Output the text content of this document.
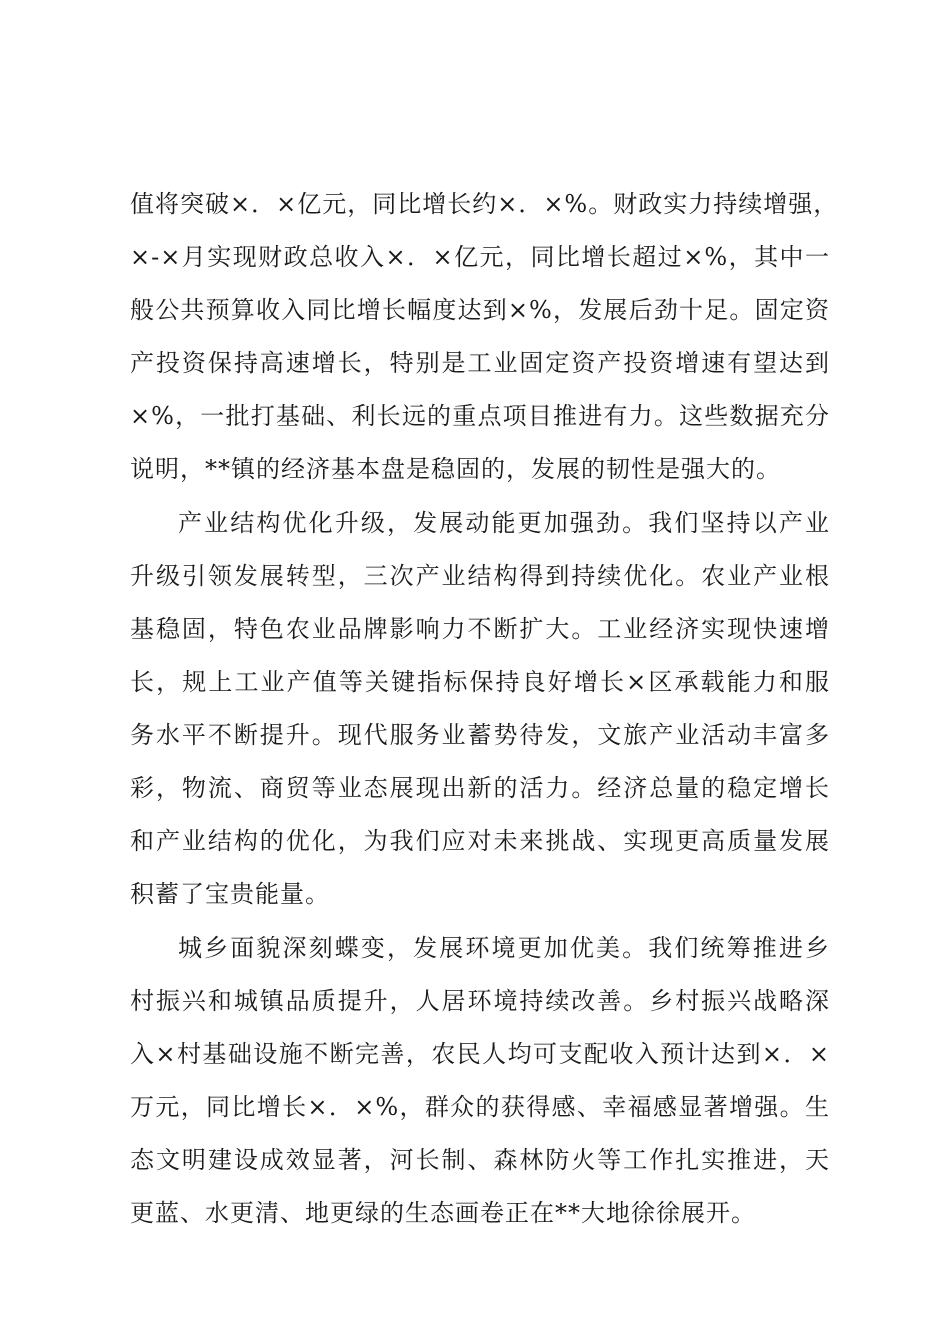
值将突破×．×亿元，同比增长约×．×%。财政实力持续增强，
×-×月实现财政总收入×．×亿元，同比增长超过×%，其中一
般公共预算收入同比增长幅度达到×%，发展后劲十足。固定资
产投资保持高速增长，特别是工业固定资产投资增速有望达到
×%，一批打基础、利长远的重点项目推进有力。这些数据充分
说明，**镇的经济基本盘是稳固的，发展的韧性是强大的。
产业结构优化升级，发展动能更加强劲。我们坚持以产业
升级引领发展转型，三次产业结构得到持续优化。农业产业根
基稳固，特色农业品牌影响力不断扩大。工业经济实现快速增
长，规上工业产值等关键指标保持良好增长×区承载能力和服
务水平不断提升。现代服务业蓄势待发，文旅产业活动丰富多
彩，物流、商贸等业态展现出新的活力。经济总量的稳定增长
和产业结构的优化，为我们应对未来挑战、实现更高质量发展
积蓄了宝贵能量。
城乡面貌深刻蝶变，发展环境更加优美。我们统筹推进乡
村振兴和城镇品质提升，人居环境持续改善。乡村振兴战略深
入×村基础设施不断完善，农民人均可支配收入预计达到×．×
万元，同比增长×．×%，群众的获得感、幸福感显著增强。生
态文明建设成效显著，河长制、森林防火等工作扎实推进，天
更蓝、水更清、地更绿的生态画卷正在**大地徐徐展开。
